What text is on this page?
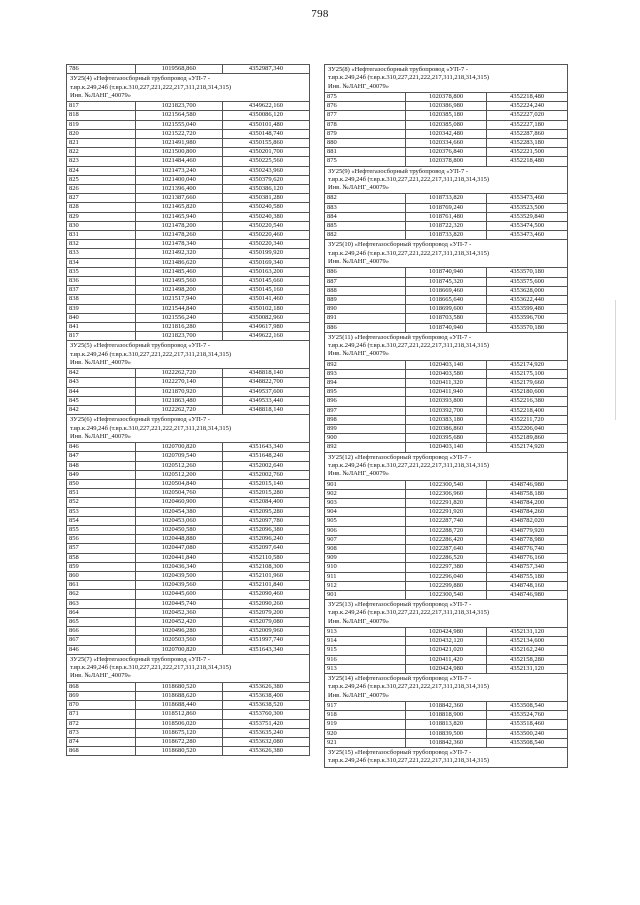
798
786	1019568,860	4352987,340

ЗУ25(4) «Нефтегазосборный трубопровод «УП-7 -
т.вр.к.249,24б (т.вр.к.310,227,221,222,217,311,218,314,315)
Инв. №ЛАНГ_40079»		

817	1021823,700	4349622,160
818	1021564,580	4350086,120
819	1021555,040	4350101,480
820	1021522,720	4350148,740
821	1021491,980	4350155,860
822	1021500,800	4350201,700
823	1021484,460	4350225,560
824	1021473,240	4350243,960
825	1021400,040	4350379,620
826	1021396,400	4350386,120
827	1021387,660	4350381,280
828	1021465,820	4350240,580
829	1021465,940	4350240,380
830	1021478,200	4350220,540
831	1021478,260	4350220,460
832	1021478,340	4350220,340
833	1021492,320	4350199,920
834	1021486,620	4350169,340
835	1021485,460	4350163,200
836	1021495,560	4350145,660
837	1021498,200	4350145,160
838	1021517,940	4350141,460
839	1021544,840	4350102,180
840	1021556,240	4350082,960
841	1021816,280	4349617,980
817	1021823,700	4349622,160

ЗУ25(5) «Нефтегазосборный трубопровод «УП-7 -
т.вр.к.249,24б (т.вр.к.310,227,221,222,217,311,218,314,315)
Инв. №ЛАНГ_40079»		

842	1022262,720	4348818,140
843	1022270,140	4348822,700
844	1021870,920	4349537,600
845	1021863,480	4349533,440
842	1022262,720	4348818,140

ЗУ25(6) «Нефтегазосборный трубопровод «УП-7 -
т.вр.к.249,24б (т.вр.к.310,227,221,222,217,311,218,314,315)
Инв. №ЛАНГ_40079»		

846	1020700,820	4351643,340
847	1020709,540	4351648,240
848	1020512,260	4352002,640
849	1020512,200	4352002,760
850	1020504,840	4352015,140
851	1020504,760	4352015,280
852	1020460,900	4352084,400
853	1020454,380	4352095,280
854	1020453,060	4352097,780
855	1020450,580	4352096,380
856	1020448,880	4352096,240
857	1020447,080	4352097,640
858	1020441,840	4352110,580
859	1020436,340	4352108,300
860	1020439,500	4352101,960
861	1020439,560	4352101,840
862	1020445,600	4352090,460
863	1020445,740	4352090,260
864	1020452,360	4352079,200
865	1020452,420	4352079,080
866	1020496,280	4352009,960
867	1020503,560	4351997,740
846	1020700,820	4351643,340

ЗУ25(7) «Нефтегазосборный трубопровод «УП-7 -
т.вр.к.249,24б (т.вр.к.310,227,221,222,217,311,218,314,315)
Инв. №ЛАНГ_40079»		

868	1018680,520	4353626,380
869	1018688,620	4353638,400
870	1018688,440	4353638,520
871	1018512,860	4353760,300
872	1018506,020	4353751,420
873	1018675,120	4353635,240
874	1018672,280	4353632,080
868	1018680,520	4353626,380
ЗУ25(8) «Нефтегазосборный трубопровод «УП-7 -
т.вр.к.249,24б (т.вр.к.310,227,221,222,217,311,218,314,315)
Инв. №ЛАНГ_40079»		

875	1020378,800	4352218,480
876	1020386,980	4352224,240
877	1020385,180	4352227,020
878	1020385,080	4352227,180
879	1020342,480	4352287,860
880	1020334,660	4352283,180
881	1020376,840	4352221,500
875	1020378,800	4352218,480

ЗУ25(9) «Нефтегазосборный трубопровод «УП-7 -
т.вр.к.249,24б (т.вр.к.310,227,221,222,217,311,218,314,315)
Инв. №ЛАНГ_40079»		

882	1018733,820	4353473,460
883	1018769,240	4353523,500
884	1018761,480	4353529,840
885	1018722,320	4353474,500
882	1018733,820	4353473,460

ЗУ25(10) «Нефтегазосборный трубопровод «УП-7 -
т.вр.к.249,24б (т.вр.к.310,227,221,222,217,311,218,314,315)
Инв. №ЛАНГ_40079»		

886	1018740,940	4353570,180
887	1018745,320	4353575,600
888	1018669,460	4353628,000
889	1018665,640	4353622,440
890	1018699,600	4353599,480
891	1018703,580	4353596,700
886	1018740,940	4353570,180

ЗУ25(11) «Нефтегазосборный трубопровод «УП-7 -
т.вр.к.249,24б (т.вр.к.310,227,221,222,217,311,218,314,315)
Инв. №ЛАНГ_40079»		

892	1020403,140	4352174,920
893	1020403,580	4352175,100
894	1020411,320	4352179,660
895	1020411,940	4352180,600
896	1020393,800	4352216,380
897	1020392,700	4352218,400
898	1020383,180	4352211,720
899	1020386,860	4352206,040
900	1020395,680	4352189,860
892	1020403,140	4352174,920

ЗУ25(12) «Нефтегазосборный трубопровод «УП-7 -
т.вр.к.249,24б (т.вр.к.310,227,221,222,217,311,218,314,315)
Инв. №ЛАНГ_40079»		

901	1022300,540	4348746,980
902	1022306,960	4348758,180
903	1022291,820	4348784,200
904	1022291,920	4348784,260
905	1022287,740	4348782,020
906	1022288,720	4348779,920
907	1022286,420	4348778,980
908	1022287,640	4348776,740
909	1022286,520	4348776,160
910	1022297,380	4348757,340
911	1022296,040	4348755,180
912	1022299,880	4348748,160
901	1022300,540	4348746,980

ЗУ25(13) «Нефтегазосборный трубопровод «УП-7 -
т.вр.к.249,24б (т.вр.к.310,227,221,222,217,311,218,314,315)
Инв. №ЛАНГ_40079»		

913	1020424,980	4352131,120
914	1020432,120	4352134,600
915	1020421,020	4352162,240
916	1020411,420	4352158,280
913	1020424,980	4352131,120

ЗУ25(14) «Нефтегазосборный трубопровод «УП-7 -
т.вр.к.249,24б (т.вр.к.310,227,221,222,217,311,218,314,315)
Инв. №ЛАНГ_40079»		

917	1018842,360	4353508,540
918	1018818,900	4353524,760
919	1018813,820	4353518,460
920	1018839,500	4353500,240
921	1018842,360	4353508,540

ЗУ25(15) «Нефтегазосборный трубопровод «УП-7 -
т.вр.к.249,24б (т.вр.к.310,227,221,222,217,311,218,314,315)		
